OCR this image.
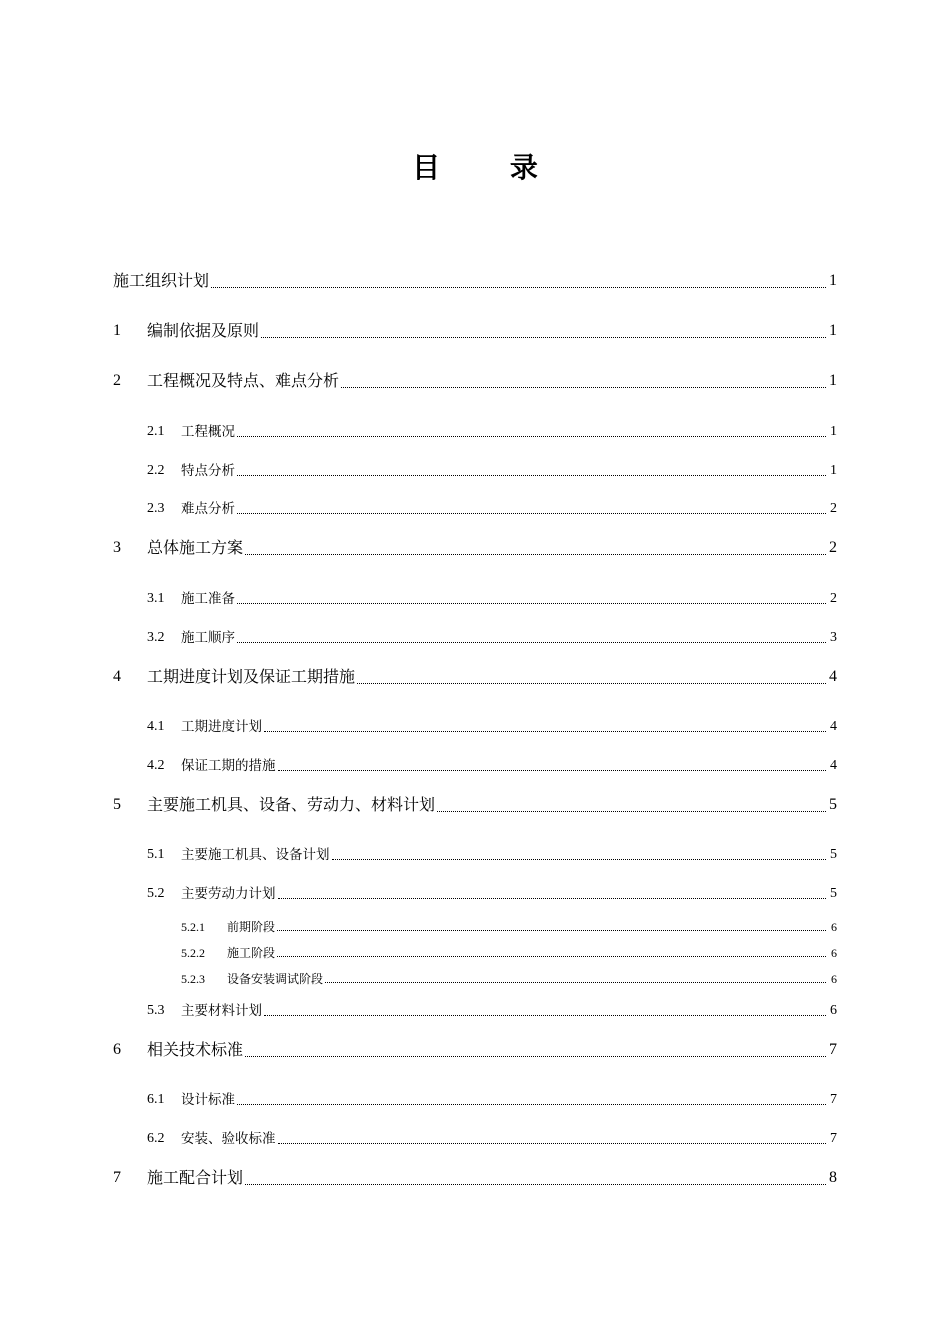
目 录
施工组织计划	1
1 编制依据及原则	1
2 工程概况及特点、难点分析	1
2.1 工程概况	1
2.2 特点分析	1
2.3 难点分析	2
3 总体施工方案	2
3.1 施工准备	2
3.2 施工顺序	3
4 工期进度计划及保证工期措施	4
4.1 工期进度计划	4
4.2 保证工期的措施	4
5 主要施工机具、设备、劳动力、材料计划	5
5.1 主要施工机具、设备计划	5
5.2 主要劳动力计划	5
5.2.1 前期阶段	6
5.2.2 施工阶段	6
5.2.3 设备安装调试阶段	6
5.3 主要材料计划	6
6 相关技术标准	7
6.1 设计标准	7
6.2 安装、验收标准	7
7 施工配合计划	8
